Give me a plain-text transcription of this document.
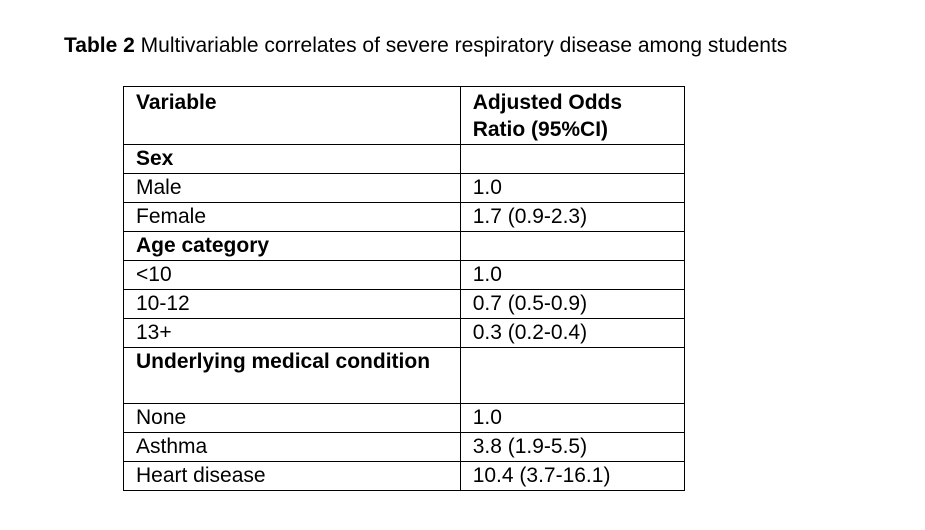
Table 2 Multivariable correlates of severe respiratory disease among students
Variable	Adjusted Odds Ratio (95%CI)
Sex	
Male	1.0
Female	1.7 (0.9-2.3)
Age category	
<10	1.0
10-12	0.7 (0.5-0.9)
13+	0.3 (0.2-0.4)
Underlying medical condition	
None	1.0
Asthma	3.8 (1.9-5.5)
Heart disease	10.4 (3.7-16.1)
